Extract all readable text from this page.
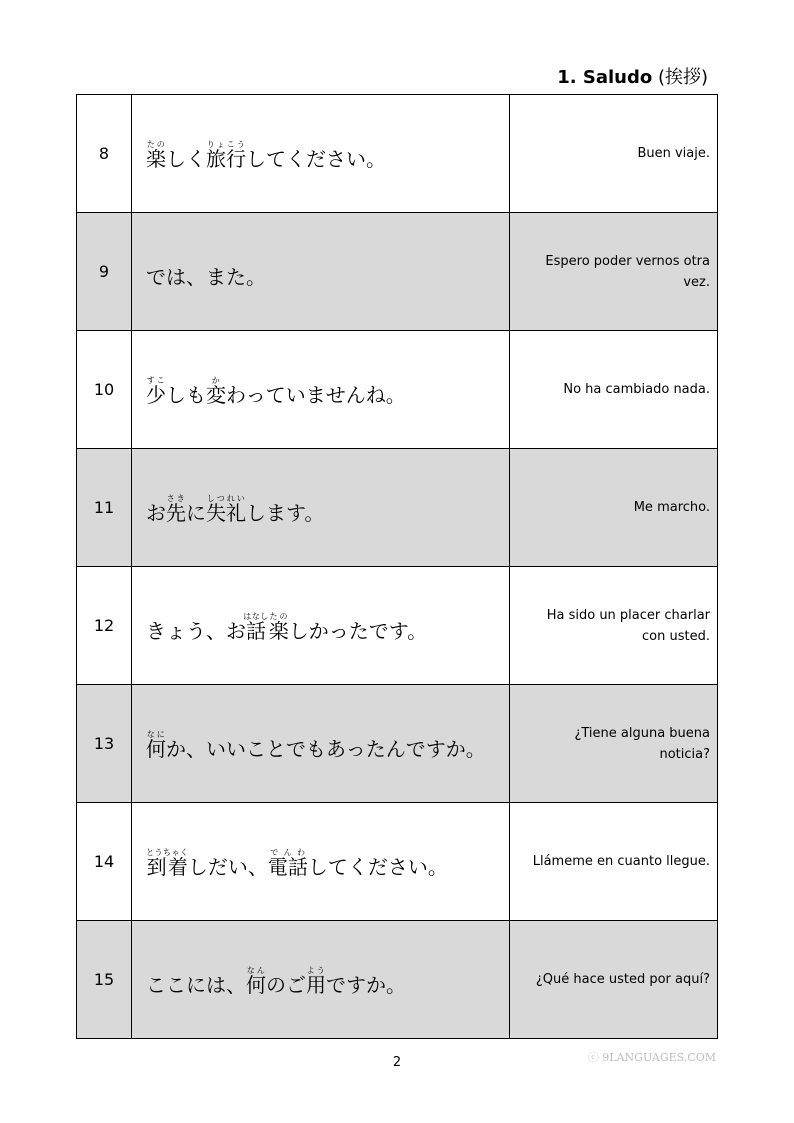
1. Saludo (挨拶)
8	楽たのしく旅行りょこうしてください。	Buen viaje.
9	では、また。	Espero poder vernos otra vez.
10	少すこしも変かわっていませんね。	No ha cambiado nada.
11	お先さきに失礼しつれいします。	Me marcho.
12	きょう、お話はなし楽たのしかったです。	Ha sido un placer charlar con usted.
13	何なにか、いいことでもあったんですか。	¿Tiene alguna buena noticia?
14	到着とうちゃくしだい、電話でんわしてください。	Llámeme en cuanto llegue.
15	ここには、何なんのご用ようですか。	¿Qué hace usted por aquí?
2	ⓒ 9LANGUAGES.COM
